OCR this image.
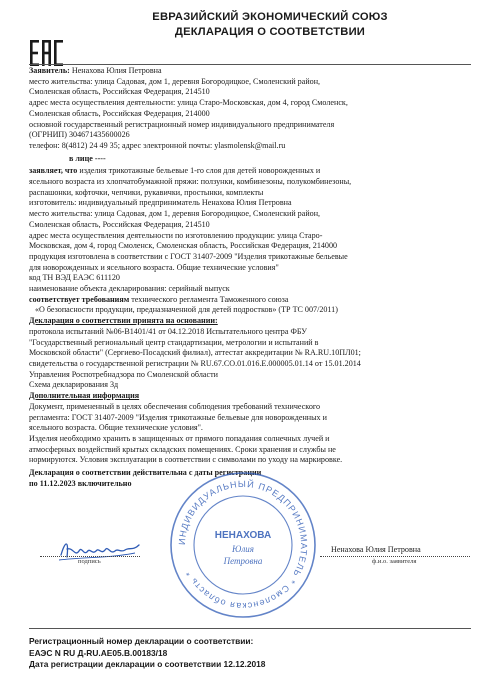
ЕВРАЗИЙСКИЙ ЭКОНОМИЧЕСКИЙ СОЮЗ
ДЕКЛАРАЦИЯ О СООТВЕТСТВИИ
Заявитель: Ненахова Юлия Петровна
место жительства: улица Садовая, дом 1, деревня Богородицкое, Смоленский район,
Смоленская область, Российская Федерация, 214510
адрес места осуществления деятельности: улица Старо-Московская, дом 4, город Смоленск,
Смоленская область, Российская Федерация, 214000
основной государственный регистрационный номер индивидуального предпринимателя
(ОГРНИП) 304671435600026
телефон: 8(4812) 24 49 35; адрес электронной почты: ylasmolensk@mail.ru
в лице ----
заявляет, что изделия трикотажные бельевые 1-го слоя для детей новорожденных и
ясельного возраста из хлопчатобумажной пряжи: ползунки, комбинезоны, полукомбинезоны,
распашонки, кофточки, чепчики, рукавички, простынки, комплекты
изготовитель: индивидуальный предприниматель Ненахова Юлия Петровна
место жительства: улица Садовая, дом 1, деревня Богородицкое, Смоленский район,
Смоленская область, Российская Федерация, 214510
адрес места осуществления деятельности по изготовлению продукции: улица Старо-
Московская, дом 4, город Смоленск, Смоленская область, Российская Федерация, 214000
продукция изготовлена в соответствии с ГОСТ 31407-2009 "Изделия трикотажные бельевые
для новорожденных и ясельного возраста. Общие технические условия"
код ТН ВЭД ЕАЭС 611120
наименование объекта декларирования: серийный выпуск
соответствует требованиям технического регламента Таможенного союза
«О безопасности продукции, предназначенной для детей подростков» (ТР ТС 007/2011)
Декларация о соответствии принята на основании:
протокола испытаний №06-В1401/41 от 04.12.2018 Испытательного центра ФБУ
"Государственный региональный центр стандартизации, метрологии и испытаний в
Московской области" (Сергиево-Посадский филиал), аттестат аккредитации № RA.RU.10ПЛ01;
свидетельства о государственной регистрации № RU.67.CO.01.016.E.000005.01.14 от 15.01.2014
Управления Роспотребнадзора по Смоленской области
Схема декларирования 3д
Дополнительная информация
Документ, примененный в целях обеспечения соблюдения требований технического
регламента: ГОСТ 31407-2009 "Изделия трикотажные бельевые для новорожденных и
ясельного возраста. Общие технические условия".
Изделия необходимо хранить в защищенных от прямого попадания солнечных лучей и
атмосферных воздействий крытых складских помещениях. Сроки хранения и службы не
нормируются. Условия эксплуатации в соответствии с символами по уходу на маркировке.
Декларация о соответствии действительна с даты регистрации
по 11.12.2023 включительно
подпись
Ненахова Юлия Петровна
ф.и.о. заявителя
ИНДИВИДУАЛЬНЫЙ ПРЕДПРИНИМАТЕЛЬ * Смоленская область *
НЕНАХОВА
Юлия
Петровна
Регистрационный номер декларации о соответствии:
ЕАЭС N RU Д-RU.АЕ05.В.00183/18
Дата регистрации декларации о соответствии 12.12.2018
